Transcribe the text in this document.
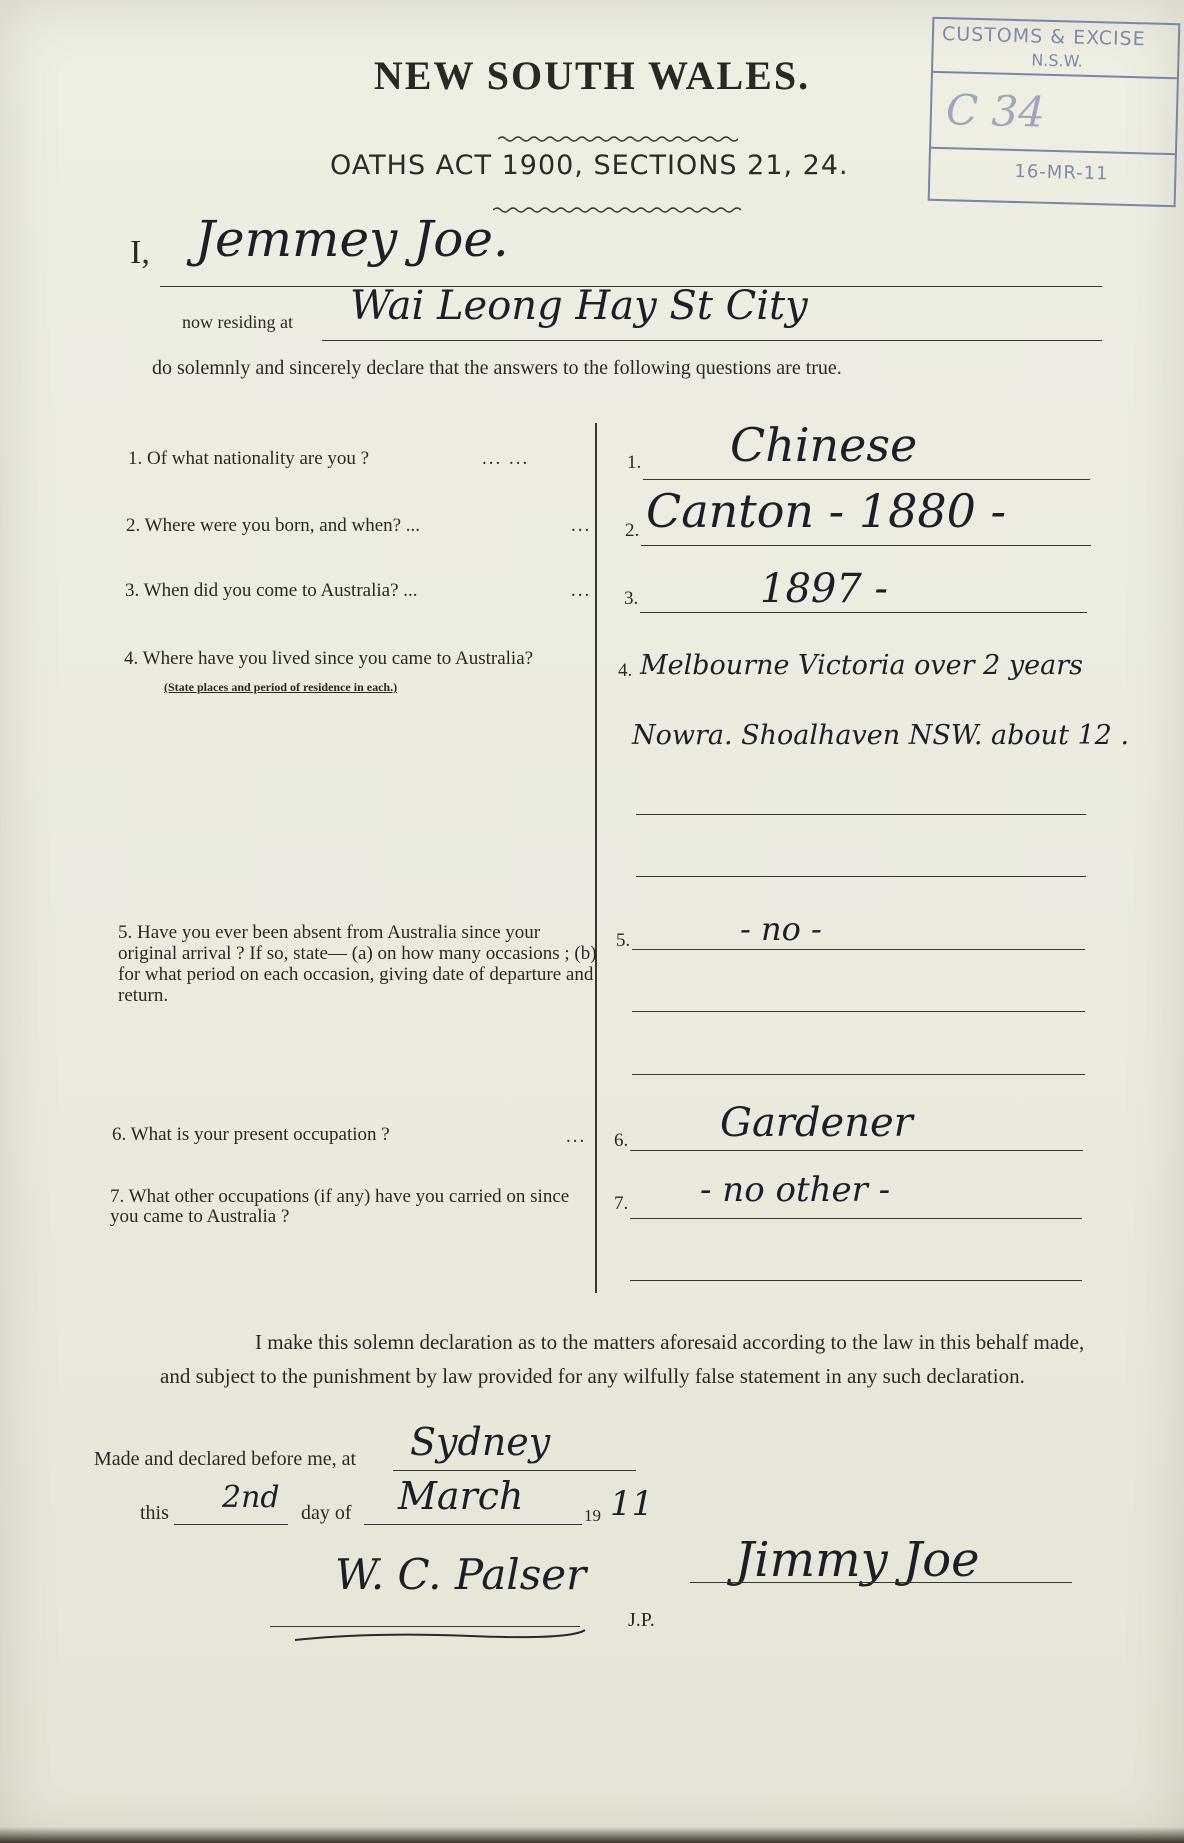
NEW SOUTH WALES.
OATHS ACT 1900, SECTIONS 21, 24.
CUSTOMS & EXCISE
N.S.W.
C 34
16-MR-11
I, Jemmey Joe.
now residing at Wai Leong Hay St City
do solemnly and sincerely declare that the answers to the following questions are true.
1. Of what nationality are you ?	... ...	1. Chinese
2. Where were you born, and when? ...	... 2. Canton - 1880 -
3. When did you come to Australia? ...	... 3.	1897 -
4. Where have you lived since you came to Australia?
(State places and period of residence in each.)
4. Melbourne Victoria over 2 years
Nowra. Shoalhaven NSW. about 12 .
5. Have you ever been absent from Australia since your original arrival ? If so, state— (a) on how many occasions ; (b) for what period on each occasion, giving date of departure and return.
5.	- no -
6. What is your present occupation ?	... 6. Gardener
7. What other occupations (if any) have you carried on since you came to Australia ?
7. - no other -
I make this solemn declaration as to the matters aforesaid according to the law in this behalf made, and subject to the punishment by law provided for any wilfully false statement in any such declaration.
Made and declared before me, at Sydney
this 2nd day of March	19 11
W. C. Palser
J.P.
Jimmy Joe
